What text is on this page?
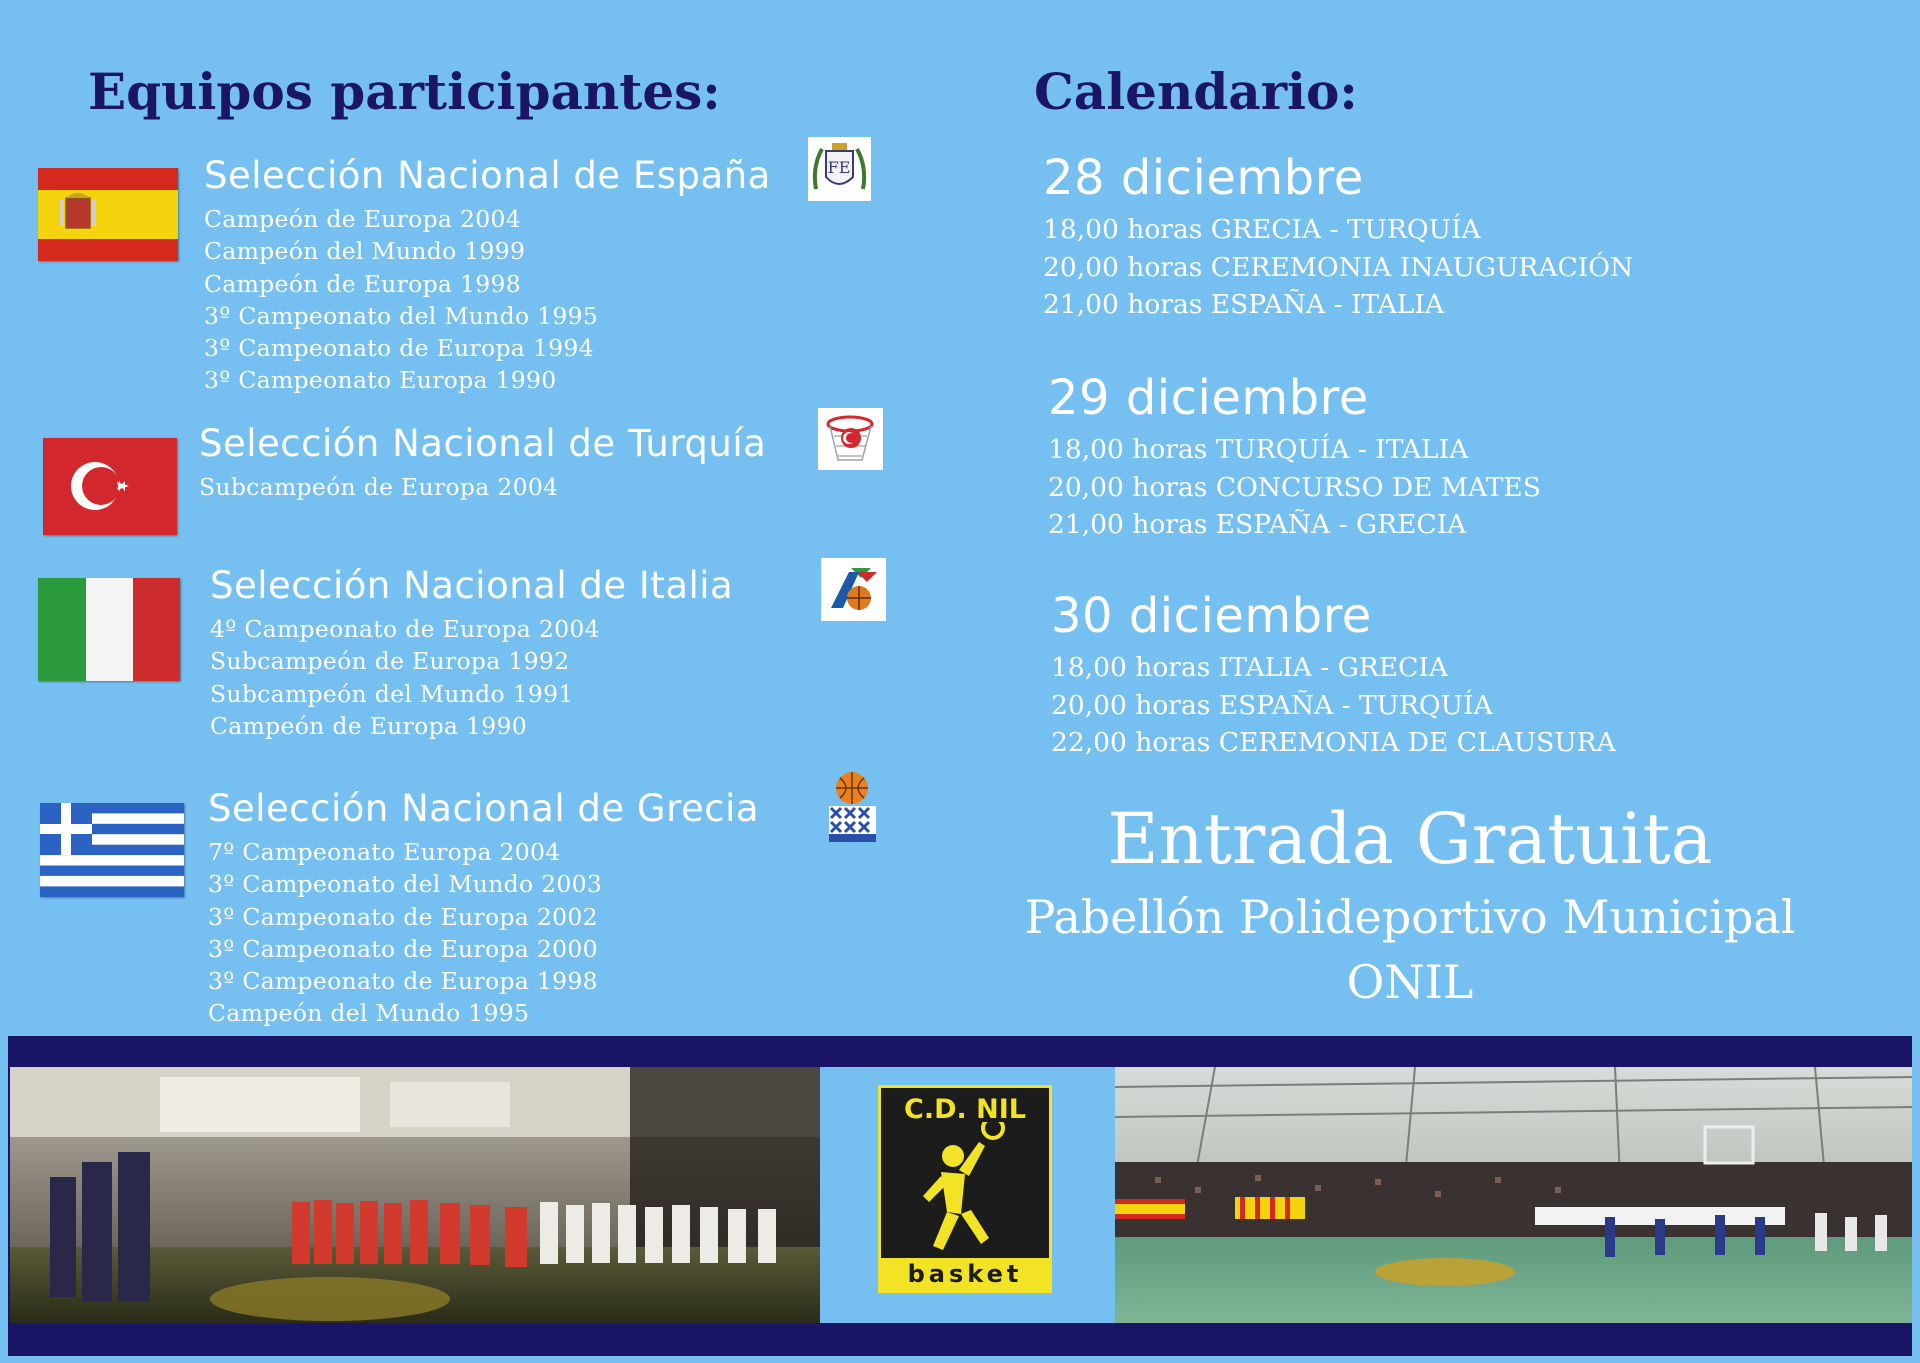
Equipos participantes:	Calendario:
Selección Nacional de España
Campeón de Europa 2004
Campeón del Mundo 1999
Campeón de Europa 1998
3º Campeonato del Mundo 1995
3º Campeonato de Europa 1994
3º Campeonato Europa 1990
FE
Selección Nacional de Turquía
Subcampeón de Europa 2004
Selección Nacional de Italia
4º Campeonato de Europa 2004
Subcampeón de Europa 1992
Subcampeón del Mundo 1991
Campeón de Europa 1990
Selección Nacional de Grecia
7º Campeonato Europa 2004
3º Campeonato del Mundo 2003
3º Campeonato de Europa 2002
3º Campeonato de Europa 2000
3º Campeonato de Europa 1998
Campeón del Mundo 1995
28 diciembre
18,00 horas GRECIA - TURQUÍA
20,00 horas CEREMONIA INAUGURACIÓN
21,00 horas ESPAÑA - ITALIA
29 diciembre
18,00 horas TURQUÍA - ITALIA
20,00 horas CONCURSO DE MATES
21,00 horas ESPAÑA - GRECIA
30 diciembre
18,00 horas ITALIA - GRECIA
20,00 horas ESPAÑA - TURQUÍA
22,00 horas CEREMONIA DE CLAUSURA
Entrada Gratuita
Pabellón Polideportivo Municipal
ONIL
C.D. NIL
basket
